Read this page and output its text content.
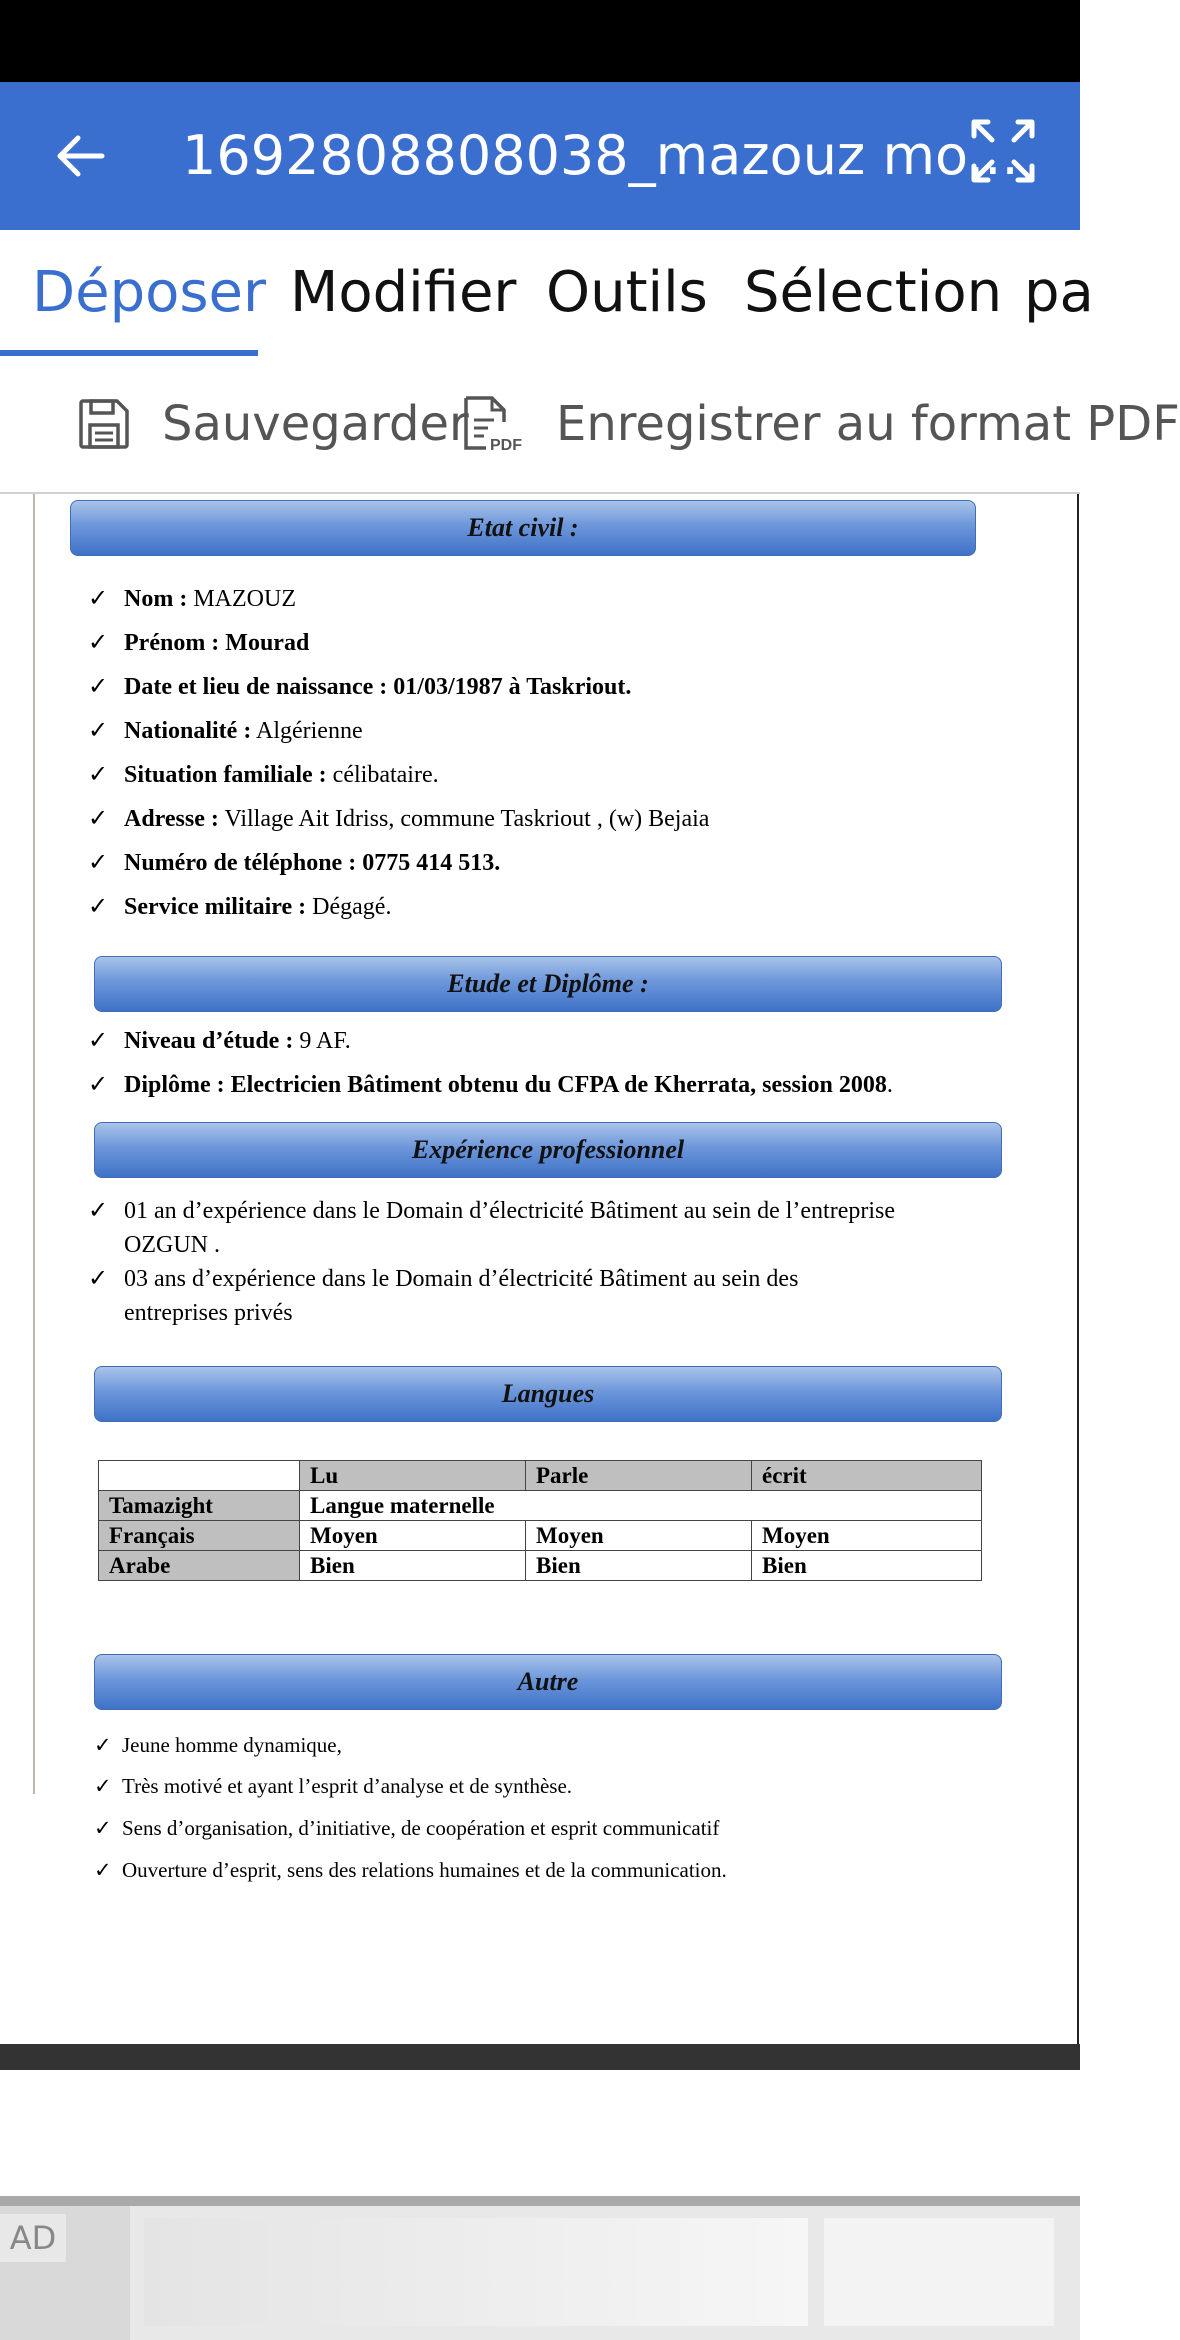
1692808808038_mazouz mo...
Déposer Modifier Outils Sélection pa
Sauvegarder PDF Enregistrer au format PDF
Etat civil :
✓ Nom : MAZOUZ
✓ Prénom : Mourad
✓ Date et lieu de naissance : 01/03/1987 à Taskriout.
✓ Nationalité : Algérienne
✓ Situation familiale : célibataire.
✓ Adresse : Village Ait Idriss, commune Taskriout , (w) Bejaia
✓ Numéro de téléphone : 0775 414 513.
✓ Service militaire : Dégagé.
Etude et Diplôme :
✓ Niveau d’étude : 9 AF.
✓ Diplôme : Electricien Bâtiment obtenu du CFPA de Kherrata, session 2008.
Expérience professionnel
✓ 01 an d’expérience dans le Domain d’électricité Bâtiment au sein de l’entreprise OZGUN .
✓ 03 ans d’expérience dans le Domain d’électricité Bâtiment au sein des entreprises privés
Langues
	Lu	Parle	écrit
Tamazight	Langue maternelle		
Français	Moyen	Moyen	Moyen
Arabe	Bien	Bien	Bien
Autre
✓ Jeune homme dynamique,
✓ Très motivé et ayant l’esprit d’analyse et de synthèse.
✓ Sens d’organisation, d’initiative, de coopération et esprit communicatif
✓ Ouverture d’esprit, sens des relations humaines et de la communication.
AD
